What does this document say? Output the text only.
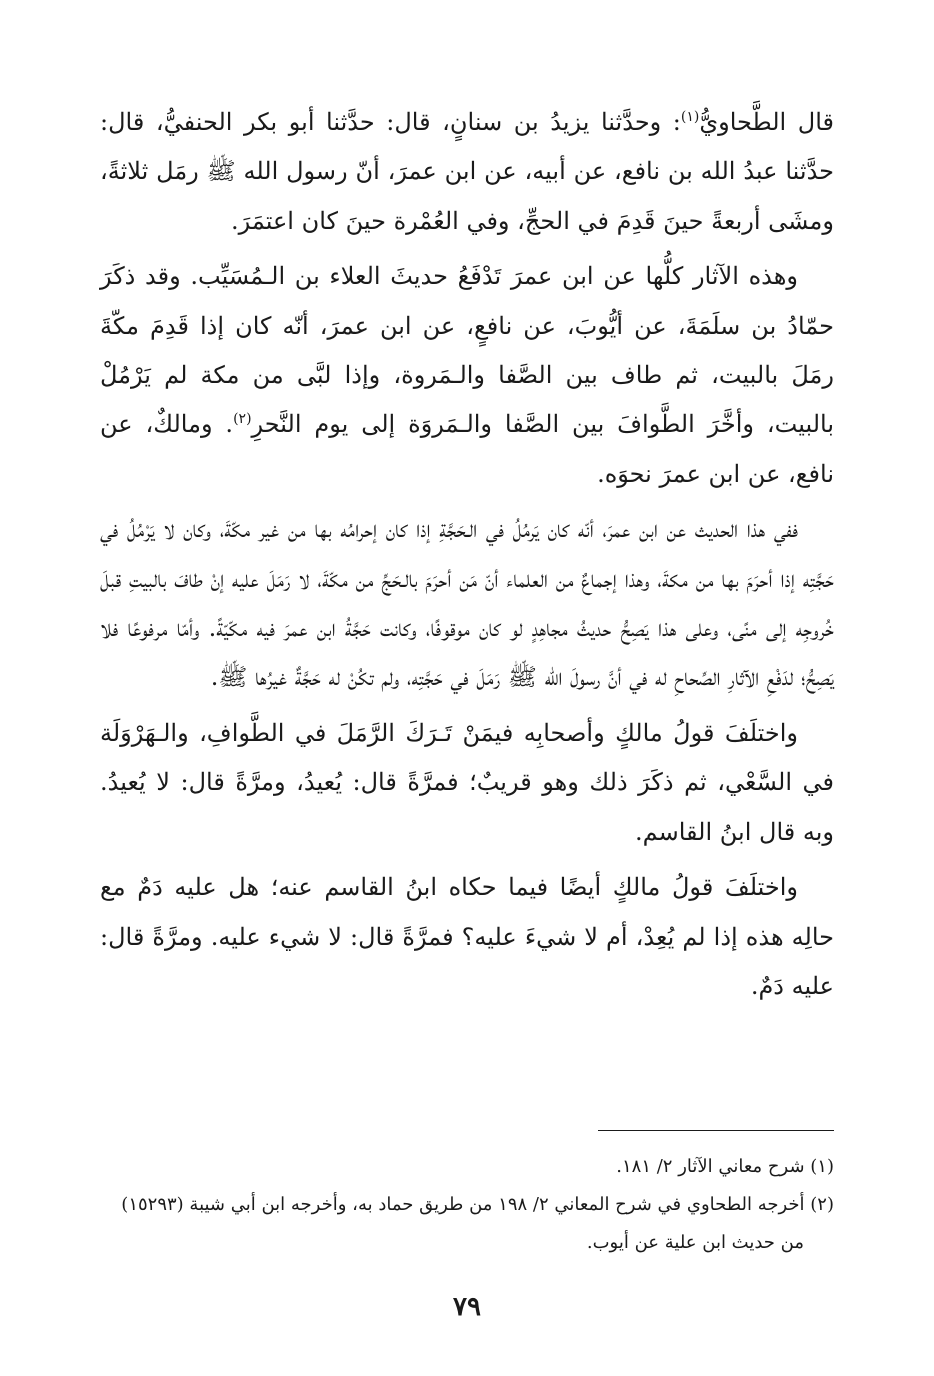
قال الطَّحاويُّ$^{(١)}$: وحدَّثنا يزيدُ بن سنانٍ، قال: حدَّثنا أبو بكر الحنفيُّ، قال: حدَّثنا عبدُ الله بن نافع، عن أبيه، عن ابن عمرَ، أنّ رسول الله ﷺ رمَل ثلاثةً، ومشَى أربعةً حينَ قَدِمَ في الحجِّ، وفي العُمْرة حينَ كان اعتمَرَ.

وهذه الآثار كلُّها عن ابن عمرَ تَدْفَعُ حديثَ العلاء بن الـمُسَيِّب. وقد ذكَرَ حمّادُ بن سلَمَةَ، عن أيُّوبَ، عن نافعٍ، عن ابن عمرَ، أنّه كان إذا قَدِمَ مكّةَ رمَلَ بالبيت، ثم طاف بين الصَّفا والـمَروة، وإذا لبَّى من مكة لم يَرْمُلْ بالبيت، وأخَّرَ الطَّوافَ بين الصَّفا والـمَروَة إلى يوم النَّحرِ$^{(٢)}$. ومالكٌ، عن نافع، عن ابن عمرَ نحوَه.

ففي هذا الحديث عن ابن عمرَ، أنّه كان يَرمُلُ في الـحَجَّةِ إذا كان إحرامُه بها من غير مكّةَ، وكان لا يَرْمُلُ في حَجَّتِه إذا أحرَمَ بها من مكةَ، وهذا إجماعٌ من العلماء أنّ مَن أحرَمَ بالـحَجِّ من مكّةَ، لا رَمَلَ عليه إنْ طافَ بالبيتِ قبلَ خُروجِه إلى منًى، وعلى هذا يَصِحُّ حديثُ مجاهِدٍ لو كان موقوفًا، وكانت حَجَّةُ ابن عمرَ فيه مكّيّةً. وأمّا مرفوعًا فلا يَصِحُّ؛ لدَفْعِ الآثارِ الصِّحاحِ له في أنَّ رسولَ الله ﷺ رَمَلَ في حَجَّتِه، ولم تكُنْ له حَجَّةٌ غيرُها ﷺ.

واختلَفَ قولُ مالكٍ وأصحابِه فيمَنْ تَـرَكَ الرَّمَلَ في الطَّوافِ، والـهَرْوَلَة في السَّعْي، ثم ذكَرَ ذلك وهو قريبٌ؛ فمرَّةً قال: يُعيدُ، ومرَّةً قال: لا يُعيدُ. وبه قال ابنُ القاسم.

واختلَفَ قولُ مالكٍ أيضًا فيما حكاه ابنُ القاسم عنه؛ هل عليه دَمٌ مع حالِه هذه إذا لم يُعِدْ، أم لا شيءَ عليه؟ فمرَّةً قال: لا شيء عليه. ومرَّةً قال: عليه دَمٌ.

(١) شرح معاني الآثار ٢/ ١٨١.

(٢) أخرجه الطحاوي في شرح المعاني ٢/ ١٩٨ من طريق حماد به، وأخرجه ابن أبي شيبة (١٥٢٩٣)

من حديث ابن علية عن أيوب.

٧٩
